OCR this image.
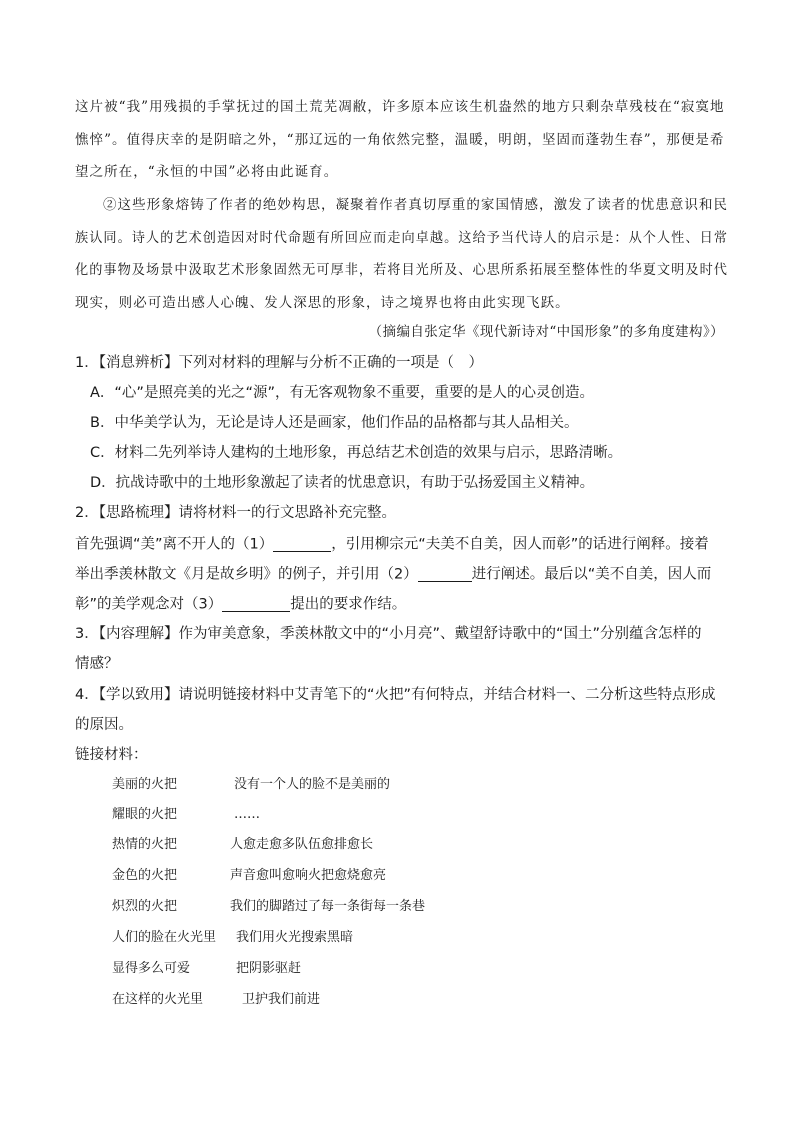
这片被“我”用残损的手掌抚过的国土荒芜凋敝，许多原本应该生机盎然的地方只剩杂草残枝在“寂寞地
憔悴”。值得庆幸的是阴暗之外，“那辽远的一角依然完整，温暖，明朗，坚固而蓬勃生春”，那便是希
望之所在，“永恒的中国”必将由此诞育。
②这些形象熔铸了作者的绝妙构思，凝聚着作者真切厚重的家国情感，激发了读者的忧患意识和民
族认同。诗人的艺术创造因对时代命题有所回应而走向卓越。这给予当代诗人的启示是：从个人性、日常
化的事物及场景中汲取艺术形象固然无可厚非，若将目光所及、心思所系拓展至整体性的华夏文明及时代
现实，则必可造出感人心魄、发人深思的形象，诗之境界也将由此实现飞跃。
（摘编自张定华《现代新诗对“中国形象”的多角度建构》）
1．【消息辨析】下列对材料的理解与分析不正确的一项是（　）
A．“心”是照亮美的光之“源”，有无客观物象不重要，重要的是人的心灵创造。
B．中华美学认为，无论是诗人还是画家，他们作品的品格都与其人品相关。
C．材料二先列举诗人建构的土地形象，再总结艺术创造的效果与启示，思路清晰。
D．抗战诗歌中的土地形象激起了读者的忧患意识，有助于弘扬爱国主义精神。
2．【思路梳理】请将材料一的行文思路补充完整。
首先强调“美”离不开人的（1）	，引用柳宗元“夫美不自美，因人而彰”的话进行阐释。接着
举出季羡林散文《月是故乡明》的例子，并引用（2）	进行阐述。最后以“美不自美，因人而
彰”的美学观念对（3）	提出的要求作结。
3．【内容理解】作为审美意象，季羡林散文中的“小月亮”、戴望舒诗歌中的“国土”分别蕴含怎样的
情感？
4．【学以致用】请说明链接材料中艾青笔下的“火把”有何特点，并结合材料一、二分析这些特点形成
的原因。
链接材料：
美丽的火把	没有一个人的脸不是美丽的
耀眼的火把	……
热情的火把	人愈走愈多队伍愈排愈长
金色的火把	声音愈叫愈响火把愈烧愈亮
炽烈的火把	我们的脚踏过了每一条街每一条巷
人们的脸在火光里 我们用火光搜索黑暗
显得多么可爱	把阴影驱赶
在这样的火光里	卫护我们前进
